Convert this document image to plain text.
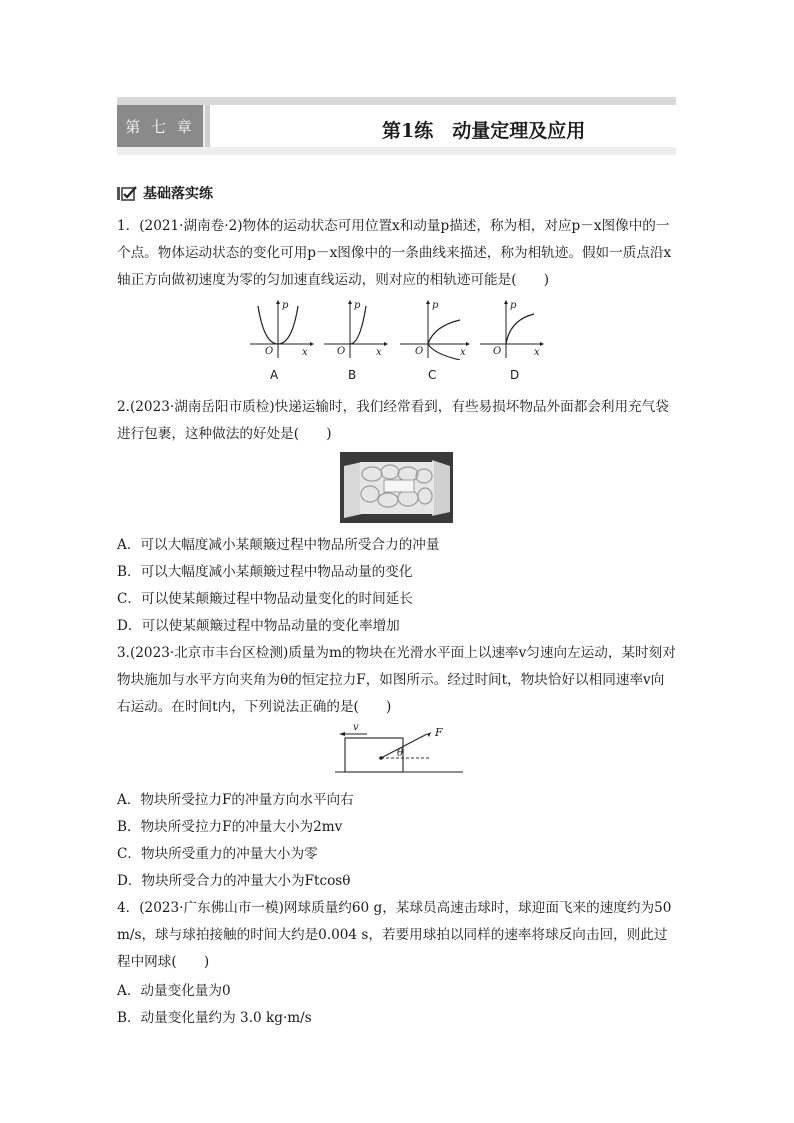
第 七 章	第1练　动量定理及应用
基础落实练
1．(2021·湖南卷·2)物体的运动状态可用位置x和动量p描述，称为相，对应p－x图像中的一个点。物体运动状态的变化可用p－x图像中的一条曲线来描述，称为相轨迹。假如一质点沿x轴正方向做初速度为零的匀加速直线运动，则对应的相轨迹可能是(　　)
p
x
O
p
x
O
p
x
O
p
x
O
A	B	C	D
2.(2023·湖南岳阳市质检)快递运输时，我们经常看到，有些易损坏物品外面都会利用充气袋进行包裹，这种做法的好处是(　　)
A．可以大幅度减小某颠簸过程中物品所受合力的冲量
B．可以大幅度减小某颠簸过程中物品动量的变化
C．可以使某颠簸过程中物品动量变化的时间延长
D．可以使某颠簸过程中物品动量的变化率增加
3.(2023·北京市丰台区检测)质量为m的物块在光滑水平面上以速率v匀速向左运动，某时刻对物块施加与水平方向夹角为θ的恒定拉力F，如图所示。经过时间t，物块恰好以相同速率v向右运动。在时间t内，下列说法正确的是(　　)
v	F
θ
A．物块所受拉力F的冲量方向水平向右
B．物块所受拉力F的冲量大小为2mv
C．物块所受重力的冲量大小为零
D．物块所受合力的冲量大小为Ftcosθ
4．(2023·广东佛山市一模)网球质量约60 g，某球员高速击球时，球迎面飞来的速度约为50 m/s，球与球拍接触的时间大约是0.004 s，若要用球拍以同样的速率将球反向击回，则此过程中网球(　　)
A．动量变化量为0
B．动量变化量约为 3.0 kg·m/s
